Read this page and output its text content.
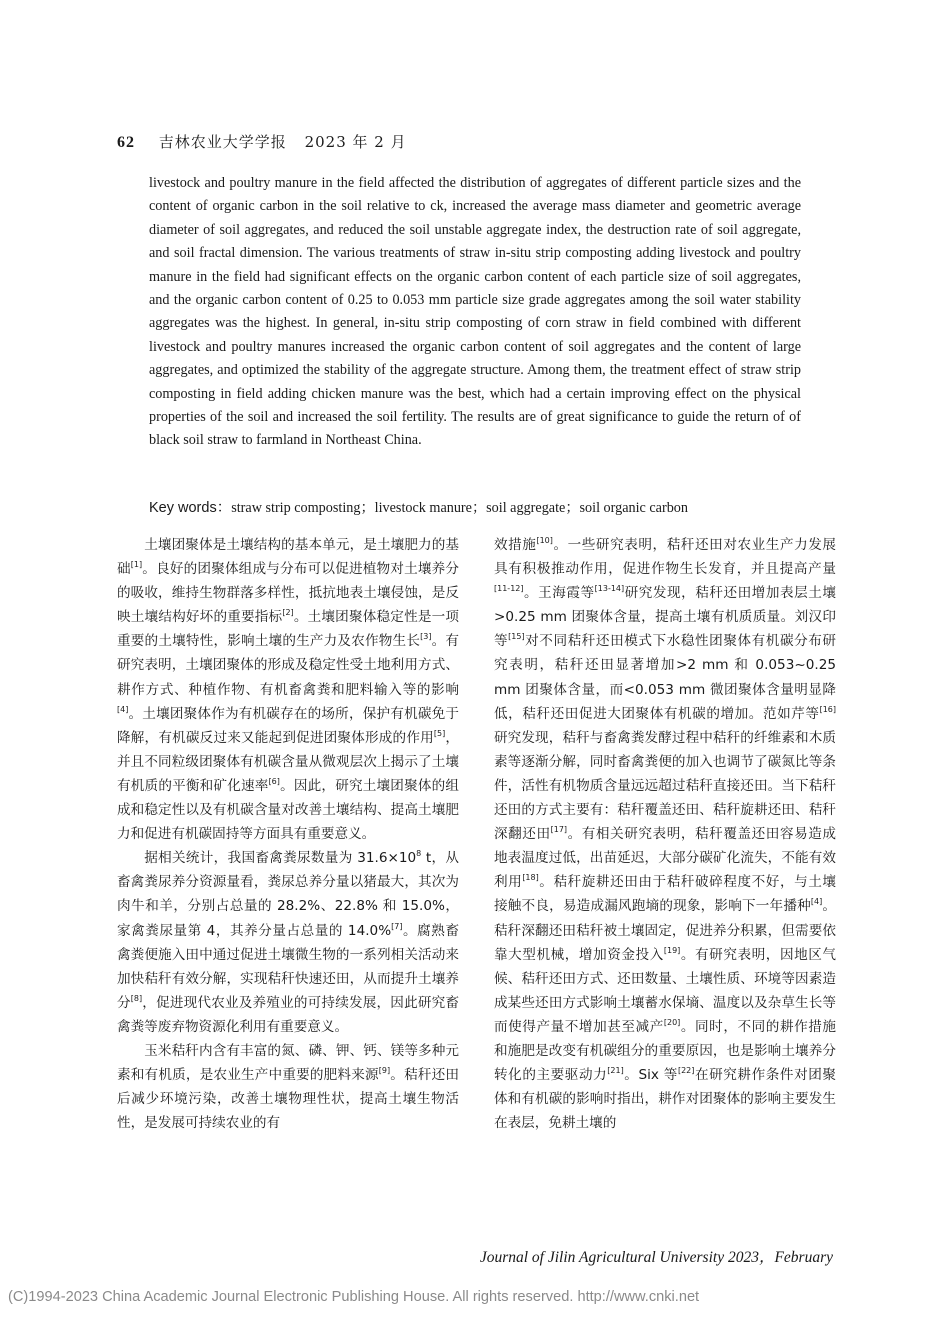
62 吉林农业大学学报 2023 年 2 月

livestock and poultry manure in the field affected the distribution of aggregates of different particle sizes and the content of organic carbon in the soil relative to ck, increased the average mass diameter and geometric average diameter of soil aggregates, and reduced the soil unstable aggregate index, the destruction rate of soil aggregate, and soil fractal dimension. The various treatments of straw in-situ strip composting adding livestock and poultry manure in the field had significant effects on the organic carbon content of each particle size of soil aggregates, and the organic carbon content of 0.25 to 0.053 mm particle size grade aggregates among the soil water stability aggregates was the highest. In general, in-situ strip composting of corn straw in field combined with different livestock and poultry manures increased the organic carbon content of soil aggregates and the content of large aggregates, and optimized the stability of the aggregate structure. Among them, the treatment effect of straw strip composting in field adding chicken manure was the best, which had a certain improving effect on the physical properties of the soil and increased the soil fertility. The results are of great significance to guide the return of of black soil straw to farmland in Northeast China.

Key words：straw strip composting；livestock manure；soil aggregate；soil organic carbon

土壤团聚体是土壤结构的基本单元，是土壤肥力的基础[1]。良好的团聚体组成与分布可以促进植物对土壤养分的吸收，维持生物群落多样性，抵抗地表土壤侵蚀，是反映土壤结构好坏的重要指标[2]。土壤团聚体稳定性是一项重要的土壤特性，影响土壤的生产力及农作物生长[3]。有研究表明，土壤团聚体的形成及稳定性受土地利用方式、耕作方式、种植作物、有机畜禽粪和肥料输入等的影响[4]。土壤团聚体作为有机碳存在的场所，保护有机碳免于降解，有机碳反过来又能起到促进团聚体形成的作用[5]，并且不同粒级团聚体有机碳含量从微观层次上揭示了土壤有机质的平衡和矿化速率[6]。因此，研究土壤团聚体的组成和稳定性以及有机碳含量对改善土壤结构、提高土壤肥力和促进有机碳固持等方面具有重要意义。

据相关统计，我国畜禽粪尿数量为 $31.6\times 10^8$ t，从畜禽粪尿养分资源量看，粪尿总养分量以猪最大，其次为肉牛和羊，分别占总量的 28.2%、22.8% 和 15.0%，家禽粪尿量第 4，其养分量占总量的 14.0%[7]。腐熟畜禽粪便施入田中通过促进土壤微生物的一系列相关活动来加快秸秆有效分解，实现秸秆快速还田，从而提升土壤养分[8]，促进现代农业及养殖业的可持续发展，因此研究畜禽粪等废弃物资源化利用有重要意义。

玉米秸秆内含有丰富的氮、磷、钾、钙、镁等多种元素和有机质，是农业生产中重要的肥料来源[9]。秸秆还田后减少环境污染，改善土壤物理性状，提高土壤生物活性，是发展可持续农业的有

效措施[10]。一些研究表明，秸秆还田对农业生产力发展具有积极推动作用，促进作物生长发育，并且提高产量[11-12]。王海霞等[13-14]研究发现，秸秆还田增加表层土壤>0.25 mm 团聚体含量，提高土壤有机质质量。刘汉印等[15]对不同秸秆还田模式下水稳性团聚体有机碳分布研究表明，秸秆还田显著增加>2 mm 和 0.053~0.25 mm 团聚体含量，而<0.053 mm 微团聚体含量明显降低，秸秆还田促进大团聚体有机碳的增加。范如芹等[16]研究发现，秸秆与畜禽粪发酵过程中秸秆的纤维素和木质素等逐渐分解，同时畜禽粪便的加入也调节了碳氮比等条件，活性有机物质含量远远超过秸秆直接还田。当下秸秆还田的方式主要有：秸秆覆盖还田、秸秆旋耕还田、秸秆深翻还田[17]。有相关研究表明，秸秆覆盖还田容易造成地表温度过低，出苗延迟，大部分碳矿化流失，不能有效利用[18]。秸秆旋耕还田由于秸秆破碎程度不好，与土壤接触不良，易造成漏风跑墒的现象，影响下一年播种[4]。秸秆深翻还田秸秆被土壤固定，促进养分积累，但需要依靠大型机械，增加资金投入[19]。有研究表明，因地区气候、秸秆还田方式、还田数量、土壤性质、环境等因素造成某些还田方式影响土壤蓄水保墒、温度以及杂草生长等而使得产量不增加甚至减产[20]。同时，不同的耕作措施和施肥是改变有机碳组分的重要原因，也是影响土壤养分转化的主要驱动力[21]。Six 等[22]在研究耕作条件对团聚体和有机碳的影响时指出，耕作对团聚体的影响主要发生在表层，免耕土壤的

Journal of Jilin Agricultural University 2023，February
(C)1994-2023 China Academic Journal Electronic Publishing House. All rights reserved. http://www.cnki.net
